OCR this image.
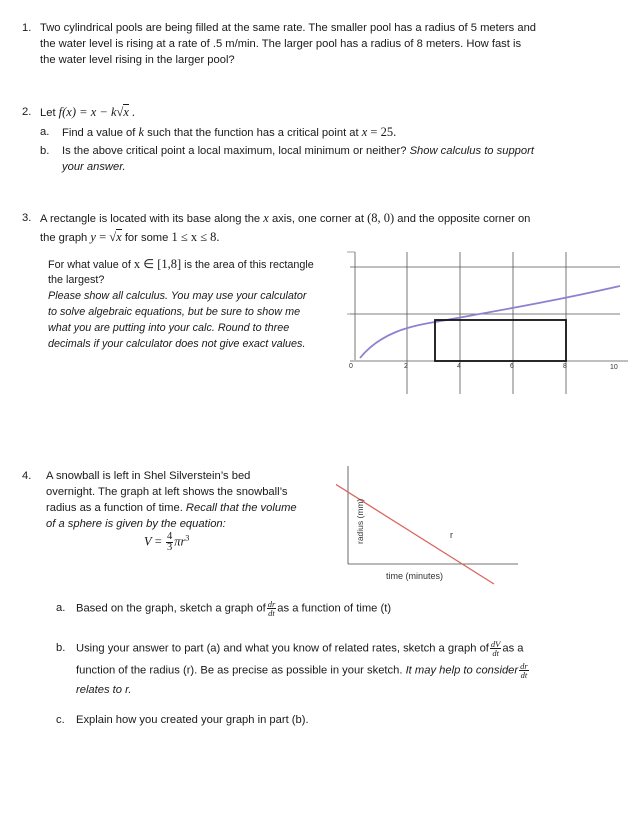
1. Two cylindrical pools are being filled at the same rate. The smaller pool has a radius of 5 meters and
the water level is rising at a rate of .5 m/min. The larger pool has a radius of 8 meters. How fast is
the water level rising in the larger pool?
2. Let f(x) = x − k√x .
a. Find a value of k such that the function has a critical point at x = 25.
b. Is the above critical point a local maximum, local minimum or neither? Show calculus to support
your answer.
3. A rectangle is located with its base along the x axis, one corner at (8, 0) and the opposite corner on
the graph y = √x for some 1 ≤ x ≤ 8.
For what value of x ∈ [1,8] is the area of this rectangle
the largest?
Please show all calculus. You may use your calculator
to solve algebraic equations, but be sure to show me
what you are putting into your calc. Round to three
decimals if your calculator does not give exact values.
0	2	4	6	8	10
4. A snowball is left in Shel Silverstein’s bed
overnight. The graph at left shows the snowball’s
radius as a function of time. Recall that the volume
of a sphere is given by the equation:
$V = \frac{4}{3} \pi r^3$	r
radius (mm)
time (minutes)
a. Based on the graph, sketch a graph of $\frac{dr}{dt}$ as a function of time (t)
b. Using your answer to part (a) and what you know of related rates, sketch a graph of $\frac{dV}{dt}$ as a
function of the radius (r). Be as precise as possible in your sketch. It may help to consider $\frac{dr}{dt}$
relates to r.
c. Explain how you created your graph in part (b).
